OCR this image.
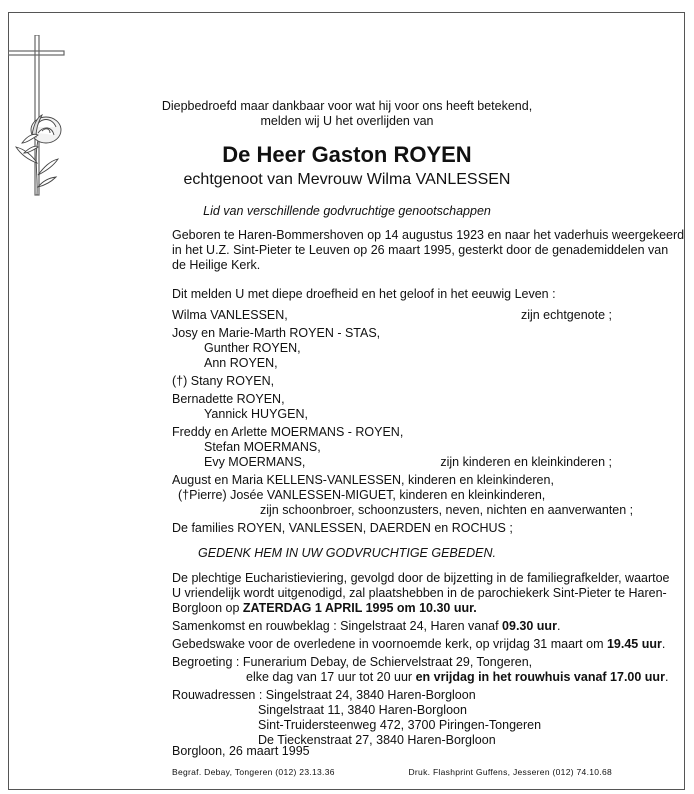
Diepbedroefd maar dankbaar voor wat hij voor ons heeft betekend,
melden wij U het overlijden van
De Heer Gaston ROYEN
echtgenoot van Mevrouw Wilma VANLESSEN
Lid van verschillende godvruchtige genootschappen
Geboren te Haren-Bommershoven op 14 augustus 1923 en naar het vaderhuis weergekeerd
in het U.Z. Sint-Pieter te Leuven op 26 maart 1995, gesterkt door de genademiddelen van
de Heilige Kerk.
Dit melden U met diepe droefheid en het geloof in het eeuwig Leven :
Wilma VANLESSEN,	zijn echtgenote ;
Josy en Marie-Marth ROYEN - STAS,
Gunther ROYEN,
Ann ROYEN,
(†) Stany ROYEN,
Bernadette ROYEN,
Yannick HUYGEN,
Freddy en Arlette MOERMANS - ROYEN,
Stefan MOERMANS,
Evy MOERMANS,	zijn kinderen en kleinkinderen ;
August en Maria KELLENS-VANLESSEN, kinderen en kleinkinderen,
(†Pierre) Josée VANLESSEN-MIGUET, kinderen en kleinkinderen,
zijn schoonbroer, schoonzusters, neven, nichten en aanverwanten ;
De families ROYEN, VANLESSEN, DAERDEN en ROCHUS ;
GEDENK HEM IN UW GODVRUCHTIGE GEBEDEN.
De plechtige Eucharistieviering, gevolgd door de bijzetting in de familiegrafkelder, waartoe
U vriendelijk wordt uitgenodigd, zal plaatshebben in de parochiekerk Sint-Pieter te Haren-
Borgloon op ZATERDAG 1 APRIL 1995 om 10.30 uur.
Samenkomst en rouwbeklag : Singelstraat 24, Haren vanaf 09.30 uur.
Gebedswake voor de overledene in voornoemde kerk, op vrijdag 31 maart om 19.45 uur.
Begroeting : Funerarium Debay, de Schiervelstraat 29, Tongeren,
elke dag van 17 uur tot 20 uur en vrijdag in het rouwhuis vanaf 17.00 uur.
Rouwadressen : Singelstraat 24, 3840 Haren-Borgloon
Singelstraat 11, 3840 Haren-Borgloon
Sint-Truidersteenweg 472, 3700 Piringen-Tongeren
De Tieckenstraat 27, 3840 Haren-Borgloon
Borgloon, 26 maart 1995
Begraf. Debay, Tongeren (012) 23.13.36	Druk. Flashprint Guffens, Jesseren (012) 74.10.68
